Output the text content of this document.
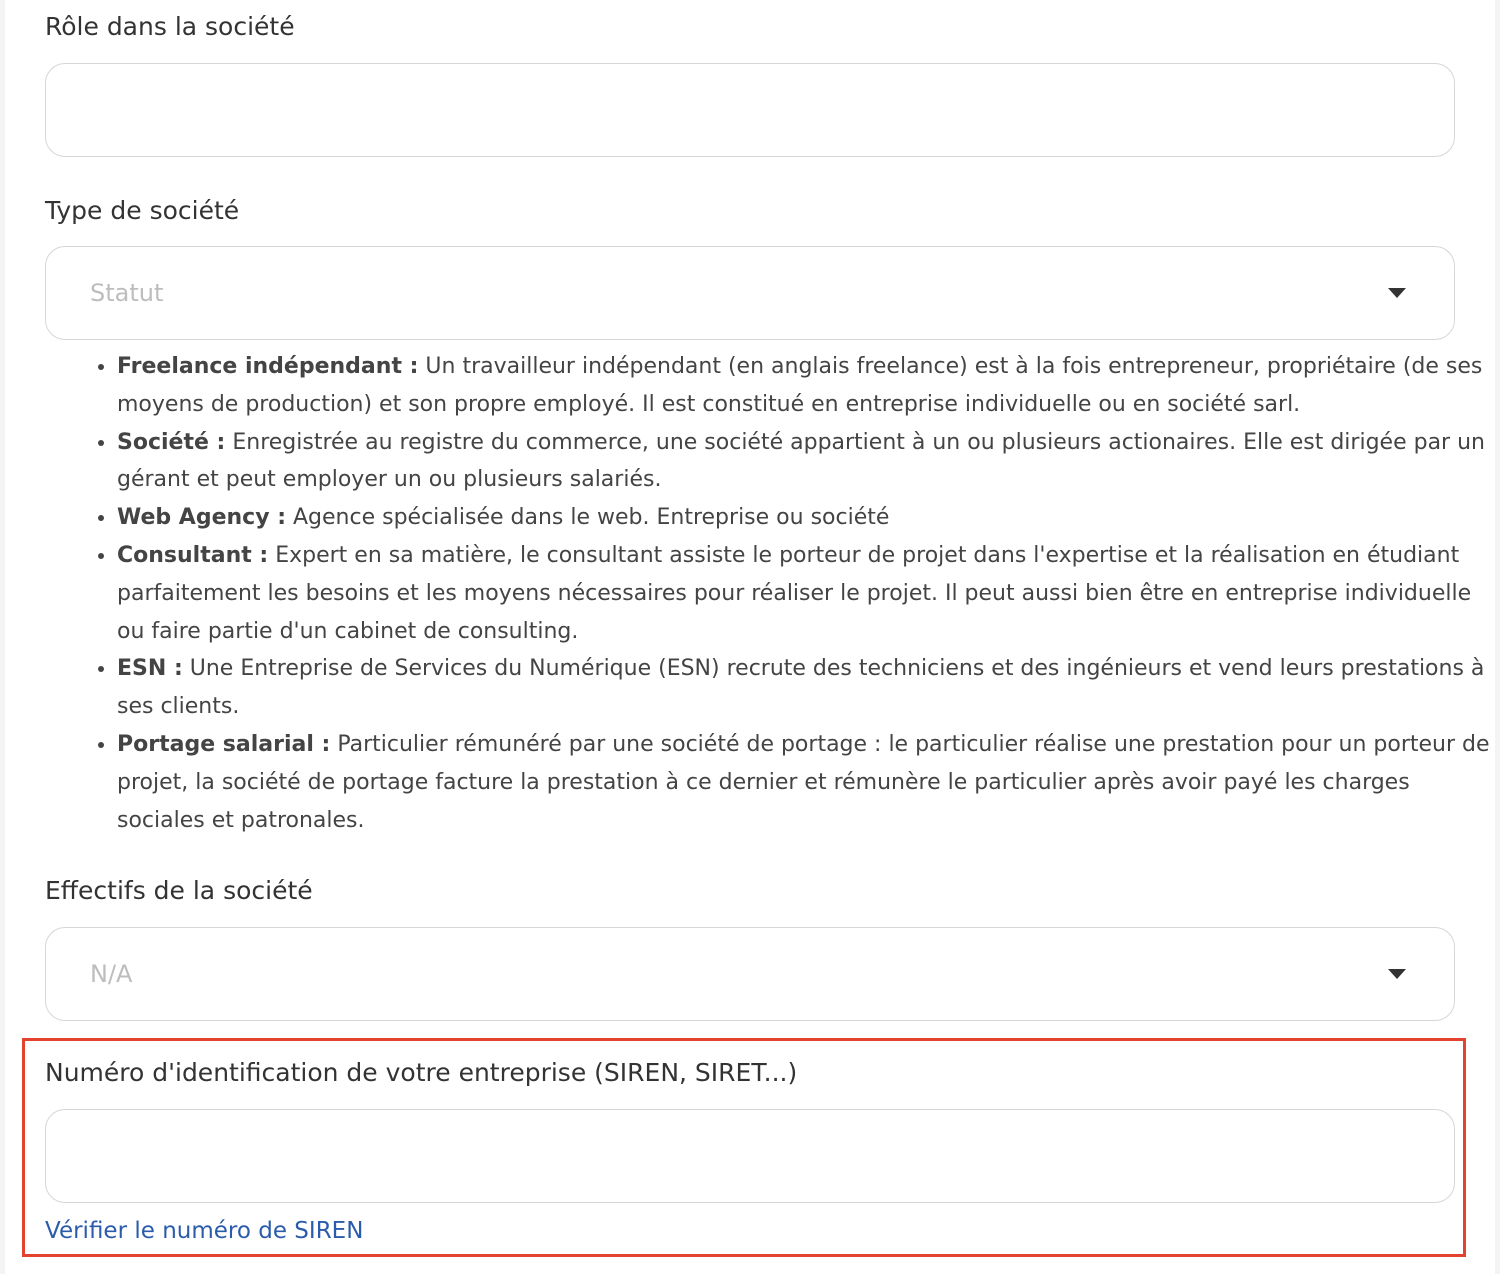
Rôle dans la société
Type de société
Statut
• Freelance indépendant : Un travailleur indépendant (en anglais freelance) est à la fois entrepreneur, propriétaire (de ses moyens de production) et son propre employé. Il est constitué en entreprise individuelle ou en société sarl.
• Société : Enregistrée au registre du commerce, une société appartient à un ou plusieurs actionaires. Elle est dirigée par un gérant et peut employer un ou plusieurs salariés.
• Web Agency : Agence spécialisée dans le web. Entreprise ou société
• Consultant : Expert en sa matière, le consultant assiste le porteur de projet dans l'expertise et la réalisation en étudiant parfaitement les besoins et les moyens nécessaires pour réaliser le projet. Il peut aussi bien être en entreprise individuelle ou faire partie d'un cabinet de consulting.
• ESN : Une Entreprise de Services du Numérique (ESN) recrute des techniciens et des ingénieurs et vend leurs prestations à ses clients.
• Portage salarial : Particulier rémunéré par une société de portage : le particulier réalise une prestation pour un porteur de projet, la société de portage facture la prestation à ce dernier et rémunère le particulier après avoir payé les charges sociales et patronales.
Effectifs de la société
N/A
Numéro d'identification de votre entreprise (SIREN, SIRET...)
Vérifier le numéro de SIREN
